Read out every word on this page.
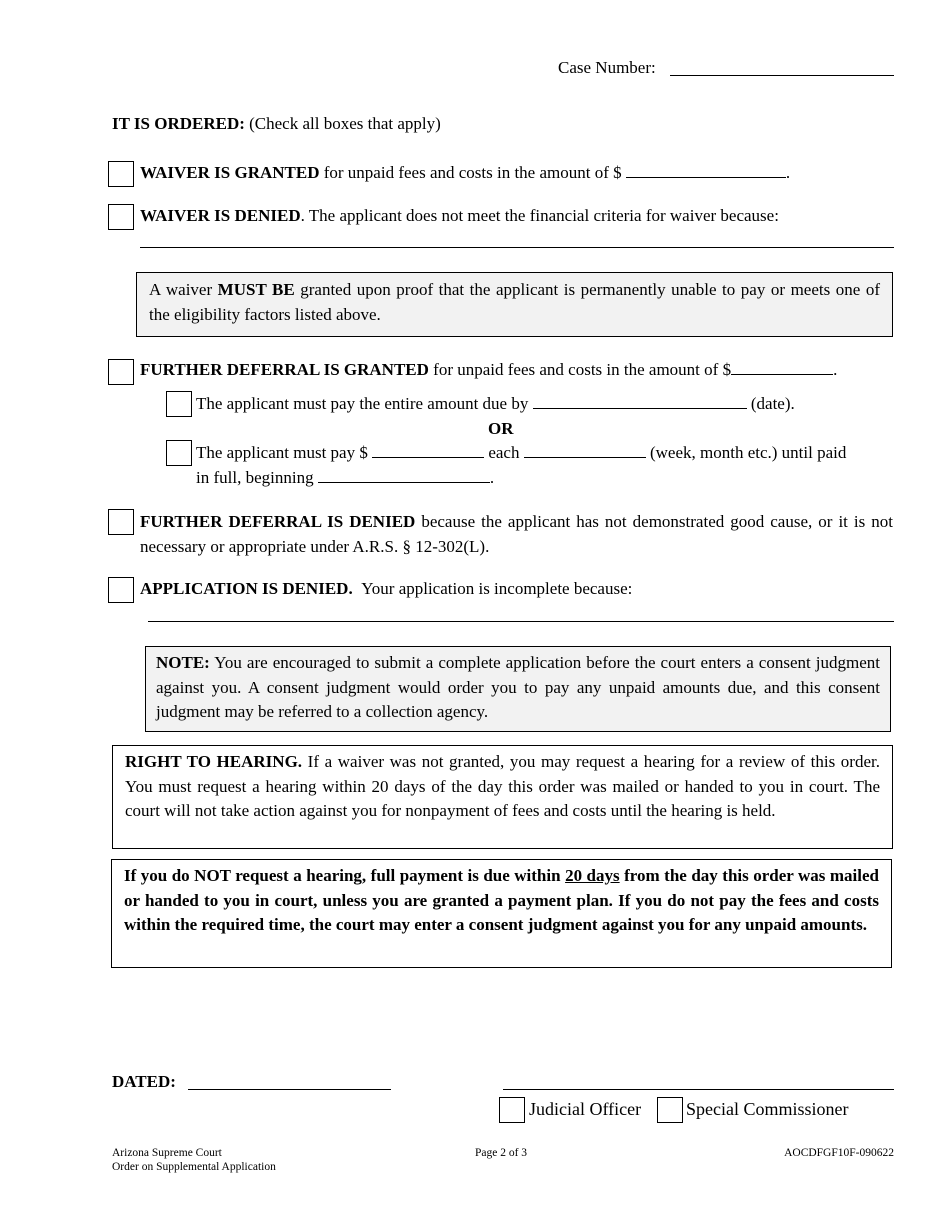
Case Number:
IT IS ORDERED: (Check all boxes that apply)
WAIVER IS GRANTED for unpaid fees and costs in the amount of $	.
WAIVER IS DENIED. The applicant does not meet the financial criteria for waiver because:
A waiver MUST BE granted upon proof that the applicant is permanently unable to pay or meets one of the eligibility factors listed above.
FURTHER DEFERRAL IS GRANTED for unpaid fees and costs in the amount of $	.
The applicant must pay the entire amount due by	(date).
OR
The applicant must pay $	each	(week, month etc.) until paid
in full, beginning	.
FURTHER DEFERRAL IS DENIED because the applicant has not demonstrated good cause, or it is not necessary or appropriate under A.R.S. § 12-302(L).
APPLICATION IS DENIED. Your application is incomplete because:
NOTE: You are encouraged to submit a complete application before the court enters a consent judgment against you. A consent judgment would order you to pay any unpaid amounts due, and this consent judgment may be referred to a collection agency.
RIGHT TO HEARING. If a waiver was not granted, you may request a hearing for a review of this order. You must request a hearing within 20 days of the day this order was mailed or handed to you in court. The court will not take action against you for nonpayment of fees and costs until the hearing is held.
If you do NOT request a hearing, full payment is due within 20 days from the day this order was mailed or handed to you in court, unless you are granted a payment plan. If you do not pay the fees and costs within the required time, the court may enter a consent judgment against you for any unpaid amounts.
DATED:
Judicial Officer Special Commissioner
Arizona Supreme Court
Order on Supplemental Application
Page 2 of 3	AOCDFGF10F-090622
